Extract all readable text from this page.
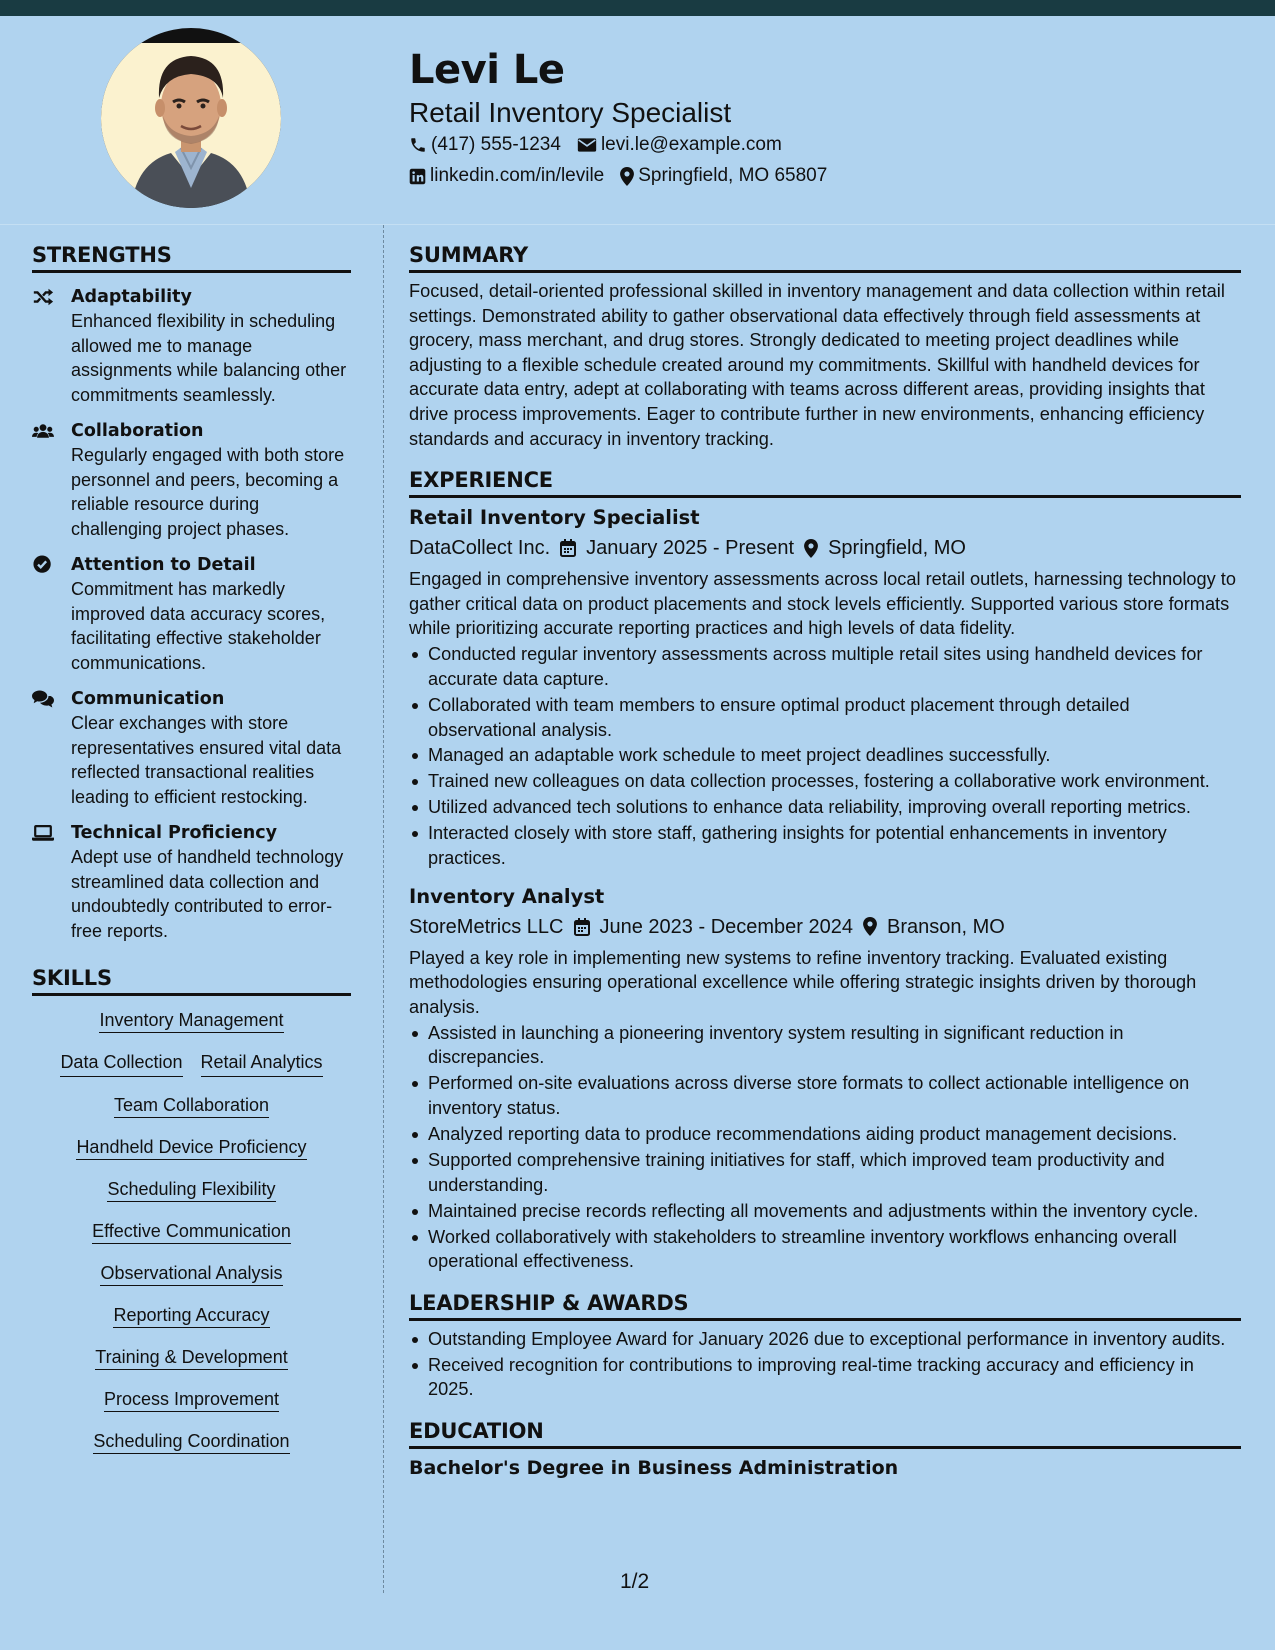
Levi Le
Retail Inventory Specialist
(417) 555-1234 levi.le@example.com
linkedin.com/in/levile Springfield, MO 65807
STRENGTHS
Adaptability
Enhanced flexibility in scheduling allowed me to manage assignments while balancing other commitments seamlessly.
Collaboration
Regularly engaged with both store personnel and peers, becoming a reliable resource during challenging project phases.
Attention to Detail
Commitment has markedly improved data accuracy scores, facilitating effective stakeholder communications.
Communication
Clear exchanges with store representatives ensured vital data reflected transactional realities leading to efficient restocking.
Technical Proficiency
Adept use of handheld technology streamlined data collection and undoubtedly contributed to error-free reports.
SKILLS
Inventory Management
Data Collection Retail Analytics
Team Collaboration
Handheld Device Proficiency
Scheduling Flexibility
Effective Communication
Observational Analysis
Reporting Accuracy
Training & Development
Process Improvement
Scheduling Coordination
SUMMARY
Focused, detail-oriented professional skilled in inventory management and data collection within retail settings. Demonstrated ability to gather observational data effectively through field assessments at grocery, mass merchant, and drug stores. Strongly dedicated to meeting project deadlines while adjusting to a flexible schedule created around my commitments. Skillful with handheld devices for accurate data entry, adept at collaborating with teams across different areas, providing insights that drive process improvements. Eager to contribute further in new environments, enhancing efficiency standards and accuracy in inventory tracking.
EXPERIENCE
Retail Inventory Specialist
DataCollect Inc. January 2025 - Present Springfield, MO
Engaged in comprehensive inventory assessments across local retail outlets, harnessing technology to gather critical data on product placements and stock levels efficiently. Supported various store formats while prioritizing accurate reporting practices and high levels of data fidelity.
Conducted regular inventory assessments across multiple retail sites using handheld devices for accurate data capture.
Collaborated with team members to ensure optimal product placement through detailed observational analysis.
Managed an adaptable work schedule to meet project deadlines successfully.
Trained new colleagues on data collection processes, fostering a collaborative work environment.
Utilized advanced tech solutions to enhance data reliability, improving overall reporting metrics.
Interacted closely with store staff, gathering insights for potential enhancements in inventory practices.
Inventory Analyst
StoreMetrics LLC June 2023 - December 2024 Branson, MO
Played a key role in implementing new systems to refine inventory tracking. Evaluated existing methodologies ensuring operational excellence while offering strategic insights driven by thorough analysis.
Assisted in launching a pioneering inventory system resulting in significant reduction in discrepancies.
Performed on-site evaluations across diverse store formats to collect actionable intelligence on inventory status.
Analyzed reporting data to produce recommendations aiding product management decisions.
Supported comprehensive training initiatives for staff, which improved team productivity and understanding.
Maintained precise records reflecting all movements and adjustments within the inventory cycle.
Worked collaboratively with stakeholders to streamline inventory workflows enhancing overall operational effectiveness.
LEADERSHIP & AWARDS
Outstanding Employee Award for January 2026 due to exceptional performance in inventory audits.
Received recognition for contributions to improving real-time tracking accuracy and efficiency in 2025.
EDUCATION
Bachelor's Degree in Business Administration
1/2
